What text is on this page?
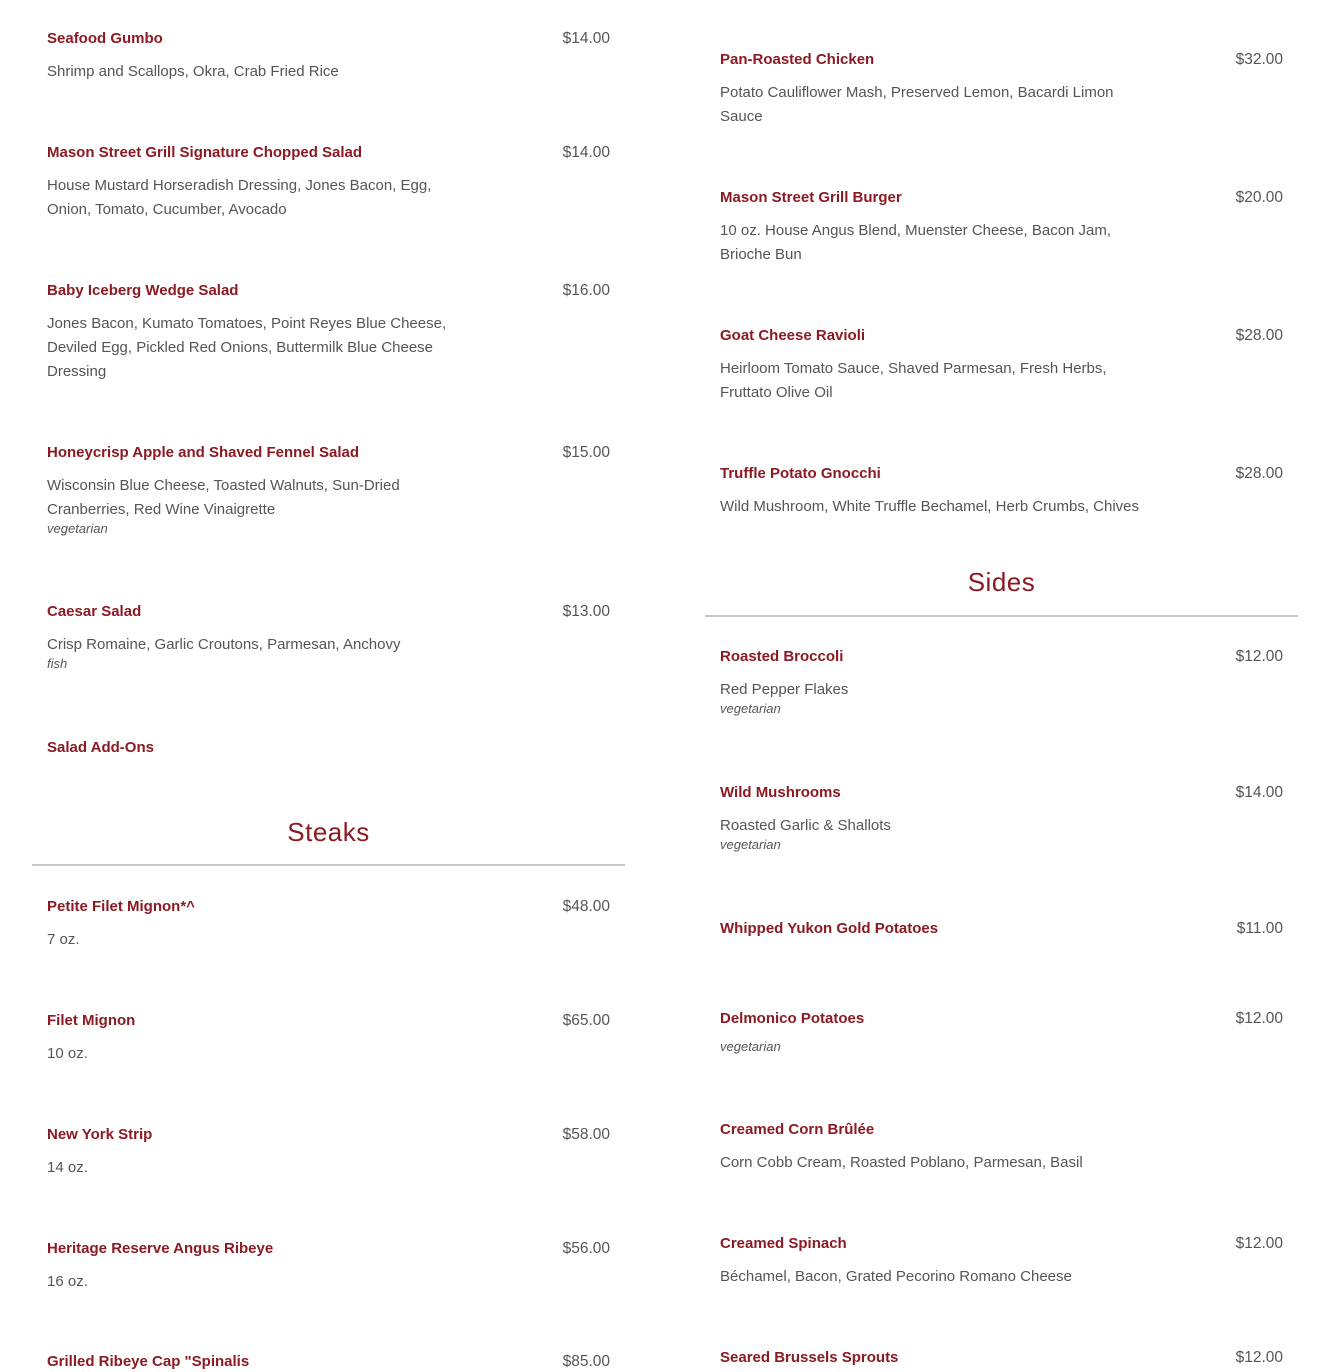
Seafood Gumbo	$14.00
Shrimp and Scallops, Okra, Crab Fried Rice
Mason Street Grill Signature Chopped Salad	$14.00
House Mustard Horseradish Dressing, Jones Bacon, Egg, Onion, Tomato, Cucumber, Avocado
Baby Iceberg Wedge Salad	$16.00
Jones Bacon, Kumato Tomatoes, Point Reyes Blue Cheese, Deviled Egg, Pickled Red Onions, Buttermilk Blue Cheese Dressing
Honeycrisp Apple and Shaved Fennel Salad	$15.00
Wisconsin Blue Cheese, Toasted Walnuts, Sun-Dried Cranberries, Red Wine Vinaigrette
vegetarian
Caesar Salad	$13.00
Crisp Romaine, Garlic Croutons, Parmesan, Anchovy
fish
Salad Add-Ons
Steaks
Petite Filet Mignon*^	$48.00
7 oz.
Filet Mignon	$65.00
10 oz.
New York Strip	$58.00
14 oz.
Heritage Reserve Angus Ribeye	$56.00
16 oz.
Grilled Ribeye Cap "Spinalis	$85.00
Pan-Roasted Chicken	$32.00
Potato Cauliflower Mash, Preserved Lemon, Bacardi Limon Sauce
Mason Street Grill Burger	$20.00
10 oz. House Angus Blend, Muenster Cheese, Bacon Jam, Brioche Bun
Goat Cheese Ravioli	$28.00
Heirloom Tomato Sauce, Shaved Parmesan, Fresh Herbs, Fruttato Olive Oil
Truffle Potato Gnocchi	$28.00
Wild Mushroom, White Truffle Bechamel, Herb Crumbs, Chives
Sides
Roasted Broccoli	$12.00
Red Pepper Flakes
vegetarian
Wild Mushrooms	$14.00
Roasted Garlic & Shallots
vegetarian
Whipped Yukon Gold Potatoes	$11.00
Delmonico Potatoes	$12.00
vegetarian
Creamed Corn Brûlée
Corn Cobb Cream, Roasted Poblano, Parmesan, Basil
Creamed Spinach	$12.00
Béchamel, Bacon, Grated Pecorino Romano Cheese
Seared Brussels Sprouts	$12.00
